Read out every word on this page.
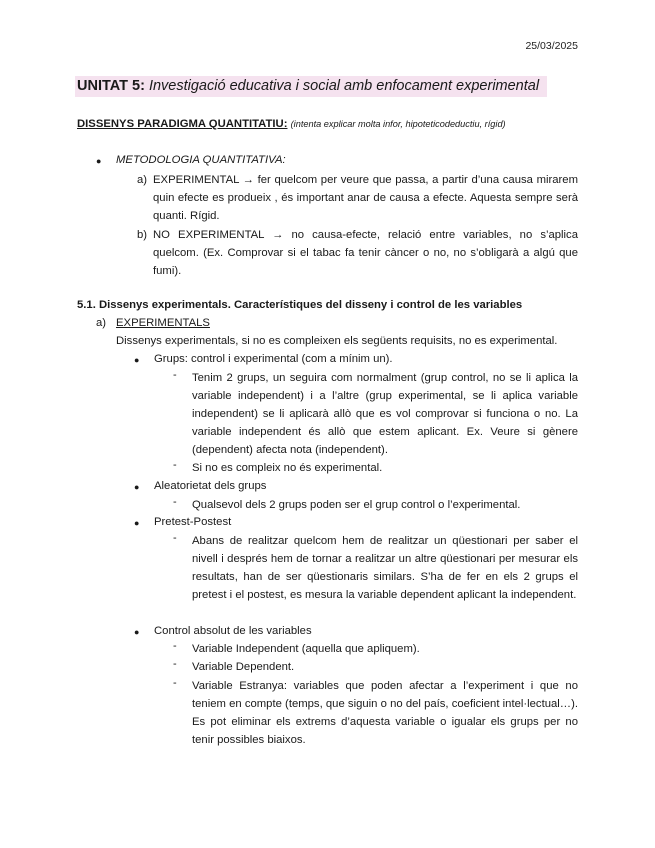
25/03/2025
UNITAT 5: Investigació educativa i social amb enfocament experimental
DISSENYS PARADIGMA QUANTITATIU: (intenta explicar molta infor, hipoteticodeductiu, rígid)
● METODOLOGIA QUANTITATIVA:
a) EXPERIMENTAL → fer quelcom per veure que passa, a partir d’una causa mirarem quin efecte es produeix , és important anar de causa a efecte. Aquesta sempre serà quanti. Rígid.
b) NO EXPERIMENTAL → no causa-efecte, relació entre variables, no s’aplica quelcom. (Ex. Comprovar si el tabac fa tenir càncer o no, no s’obligarà a algú que fumi).
5.1. Dissenys experimentals. Característiques del disseny i control de les variables
a) EXPERIMENTALS
Dissenys experimentals, si no es compleixen els següents requisits, no es experimental.
● Grups: control i experimental (com a mínim un).
- Tenim 2 grups, un seguira com normalment (grup control, no se li aplica la variable independent) i a l’altre (grup experimental, se li aplica variable independent) se li aplicarà allò que es vol comprovar si funciona o no. La variable independent és allò que estem aplicant. Ex. Veure si gènere (dependent) afecta nota (independent).
- Si no es compleix no és experimental.
● Aleatorietat dels grups
- Qualsevol dels 2 grups poden ser el grup control o l’experimental.
● Pretest-Postest
- Abans de realitzar quelcom hem de realitzar un qüestionari per saber el nivell i després hem de tornar a realitzar un altre qüestionari per mesurar els resultats, han de ser qüestionaris similars. S’ha de fer en els 2 grups el pretest i el postest, es mesura la variable dependent aplicant la independent.
● Control absolut de les variables
- Variable Independent (aquella que apliquem).
- Variable Dependent.
- Variable Estranya: variables que poden afectar a l’experiment i que no teniem en compte (temps, que siguin o no del país, coeficient intel·lectual…). Es pot eliminar els extrems d’aquesta variable o igualar els grups per no tenir possibles biaixos.
